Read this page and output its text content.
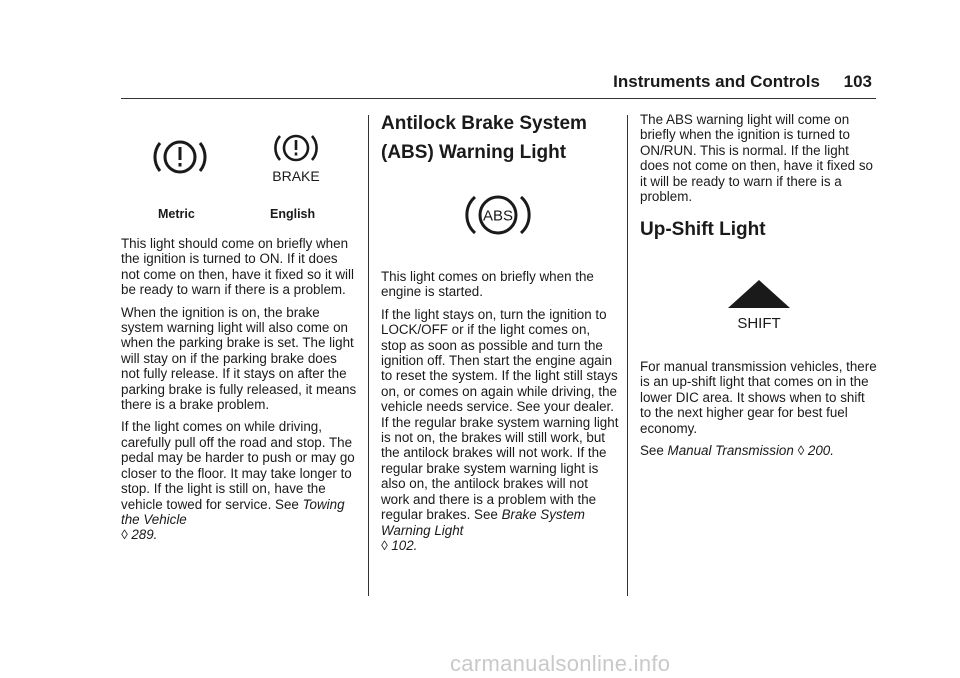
Instruments and Controls 103
BRAKE
Metric	English

This light should come on briefly when the ignition is turned to ON. If it does not come on then, have it fixed so it will be ready to warn if there is a problem.

When the ignition is on, the brake system warning light will also come on when the parking brake is set. The light will stay on if the parking brake does not fully release. If it stays on after the parking brake is fully released, it means there is a brake problem.

If the light comes on while driving, carefully pull off the road and stop. The pedal may be harder to push or may go closer to the floor. It may take longer to stop. If the light is still on, have the vehicle towed for service. See Towing the Vehicle
◊ 289.

Antilock Brake System
(ABS) Warning Light
ABS

This light comes on briefly when the engine is started.

If the light stays on, turn the ignition to LOCK/OFF or if the light comes on, stop as soon as possible and turn the ignition off. Then start the engine again to reset the system. If the light still stays on, or comes on again while driving, the vehicle needs service. See your dealer. If the regular brake system warning light is not on, the brakes will still work, but the antilock brakes will not work. If the regular brake system warning light is also on, the antilock brakes will not work and there is a problem with the regular brakes. See Brake System Warning Light
◊ 102.

The ABS warning light will come on briefly when the ignition is turned to ON/RUN. This is normal. If the light does not come on then, have it fixed so it will be ready to warn if there is a problem.

Up-Shift Light
SHIFT

For manual transmission vehicles, there is an up-shift light that comes on in the lower DIC area. It shows when to shift to the next higher gear for best fuel economy.

See Manual Transmission ◊ 200.

carmanualsonline.info
